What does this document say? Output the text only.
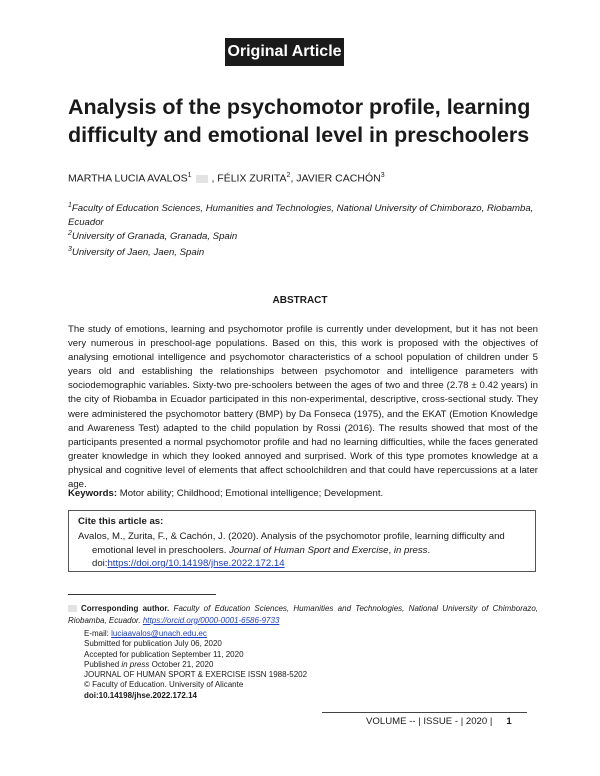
Original Article
Analysis of the psychomotor profile, learning difficulty and emotional level in preschoolers
MARTHA LUCIA AVALOS$^1$ , FÉLIX ZURITA$^2$, JAVIER CACHÓN$^3$
$^1$Faculty of Education Sciences, Humanities and Technologies, National University of Chimborazo, Riobamba, Ecuador
$^2$University of Granada, Granada, Spain
$^3$University of Jaen, Jaen, Spain
ABSTRACT
The study of emotions, learning and psychomotor profile is currently under development, but it has not been very numerous in preschool-age populations. Based on this, this work is proposed with the objectives of analysing emotional intelligence and psychomotor characteristics of a school population of children under 5 years old and establishing the relationships between psychomotor and intelligence parameters with sociodemographic variables. Sixty-two pre-schoolers between the ages of two and three (2.78 ± 0.42 years) in the city of Riobamba in Ecuador participated in this non-experimental, descriptive, cross-sectional study. They were administered the psychomotor battery (BMP) by Da Fonseca (1975), and the EKAT (Emotion Knowledge and Awareness Test) adapted to the child population by Rossi (2016). The results showed that most of the participants presented a normal psychomotor profile and had no learning difficulties, while the faces generated greater knowledge in which they looked annoyed and surprised. Work of this type promotes knowledge at a physical and cognitive level of elements that affect schoolchildren and that could have repercussions at a later age.
Keywords: Motor ability; Childhood; Emotional intelligence; Development.
Cite this article as:
Avalos, M., Zurita, F., & Cachón, J. (2020). Analysis of the psychomotor profile, learning difficulty and
emotional level in preschoolers. Journal of Human Sport and Exercise, in press.
doi:https://doi.org/10.14198/jhse.2022.172.14
Corresponding author. Faculty of Education Sciences, Humanities and Technologies, National University of Chimborazo, Riobamba, Ecuador. https://orcid.org/0000-0001-6586-9733
E-mail: luciaavalos@unach.edu.ec
Submitted for publication July 06, 2020
Accepted for publication September 11, 2020
Published in press October 21, 2020
JOURNAL OF HUMAN SPORT & EXERCISE ISSN 1988-5202
© Faculty of Education. University of Alicante
doi:10.14198/jhse.2022.172.14
VOLUME -- | ISSUE - | 2020 | 1
